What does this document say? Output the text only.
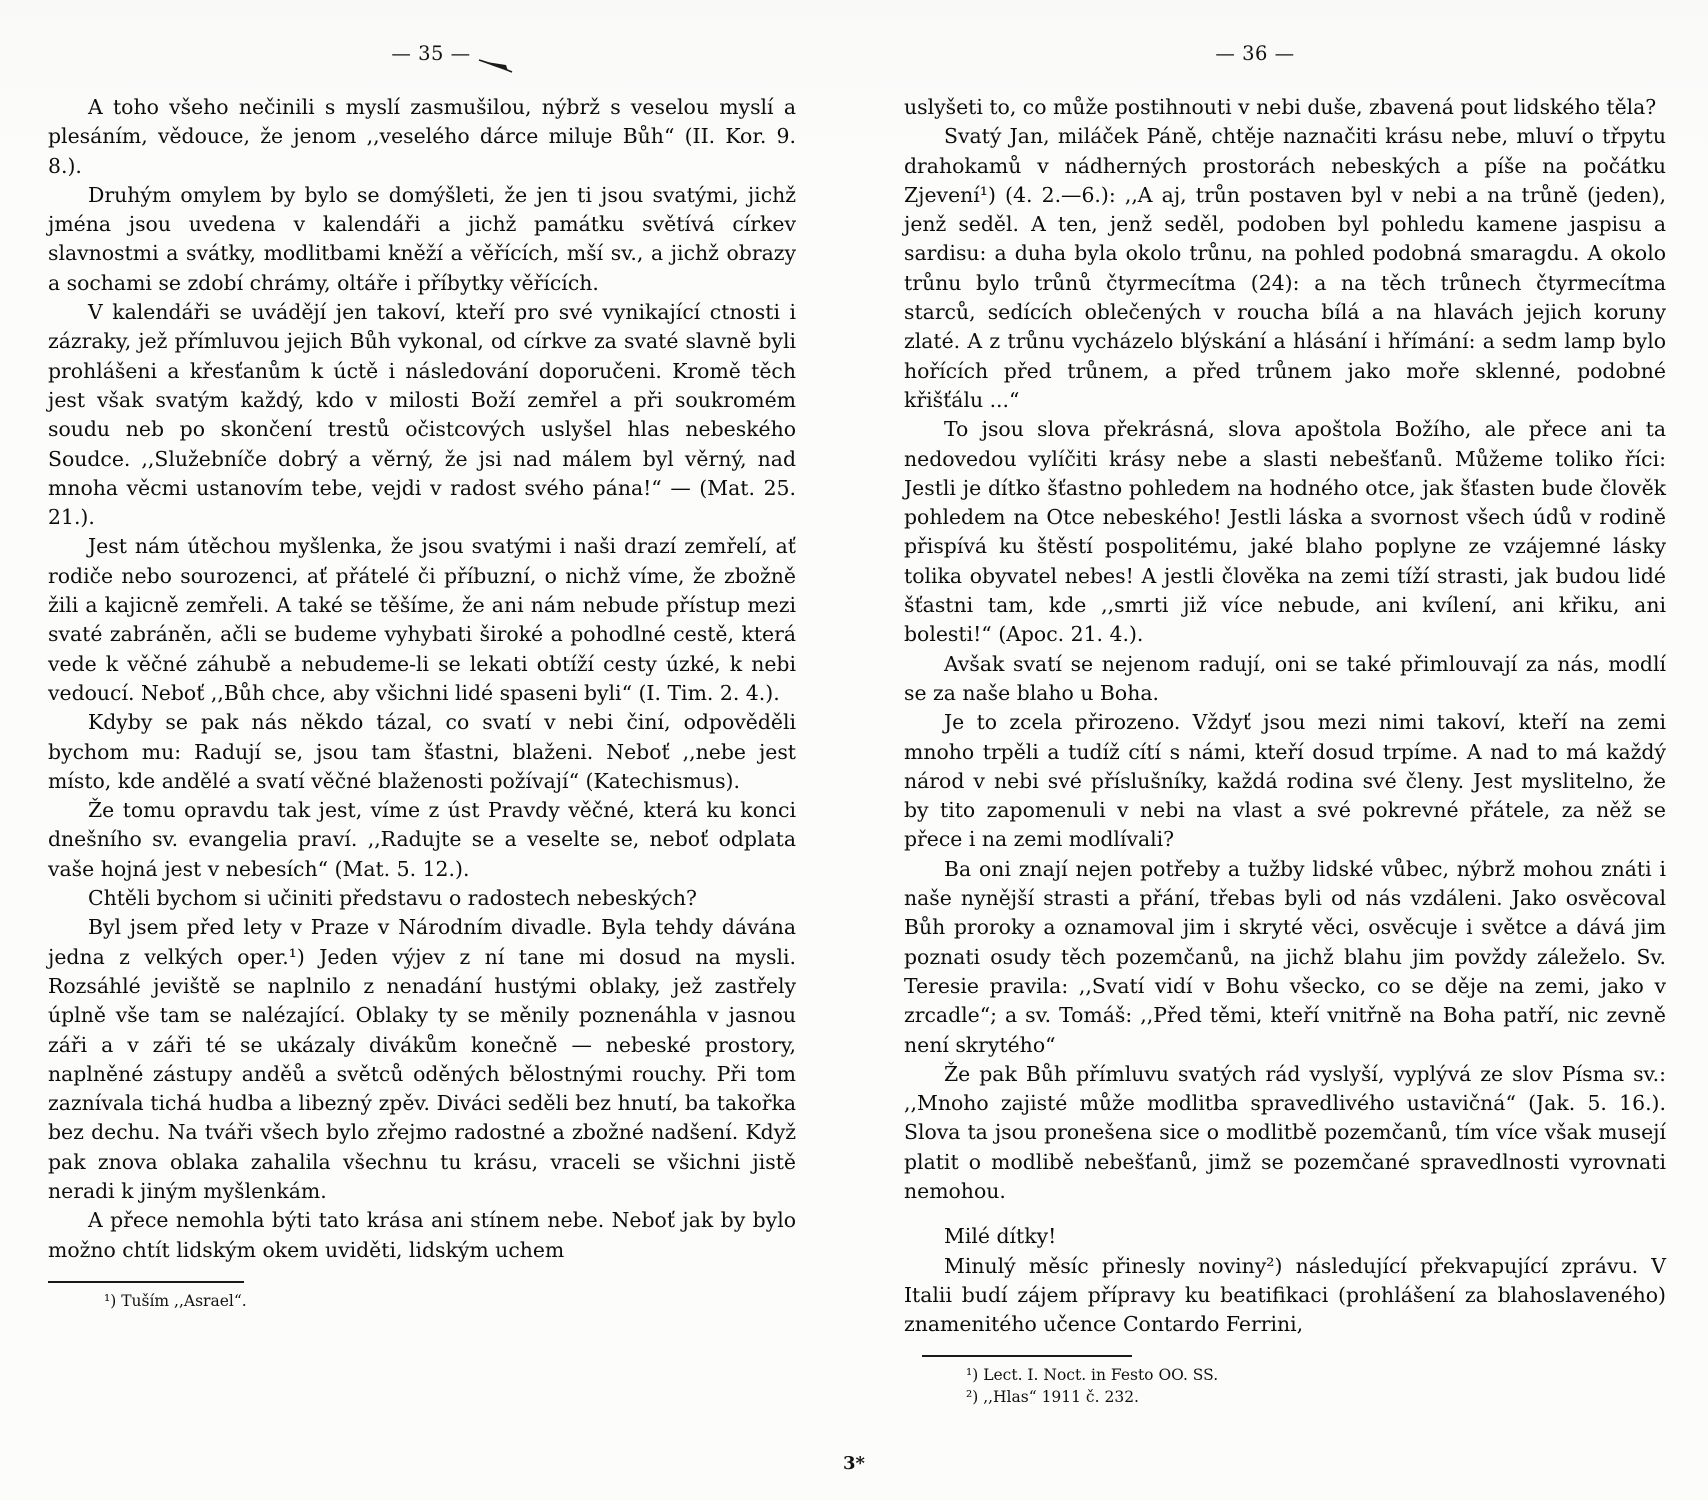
— 35 —

A toho všeho nečinili s myslí zasmušilou, nýbrž s veselou myslí a plesáním, vědouce, že jenom ,,veselého dárce miluje Bůh“ (II. Kor. 9. 8.).

Druhým omylem by bylo se domýšleti, že jen ti jsou svatými, jichž jména jsou uvedena v kalendáři a jichž památku světívá církev slavnostmi a svátky, modlitbami kněží a věřících, mší sv., a jichž obrazy a sochami se zdobí chrámy, oltáře i příbytky věřících.

V kalendáři se uvádějí jen takoví, kteří pro své vynikající ctnosti i zázraky, jež přímluvou jejich Bůh vykonal, od církve za svaté slavně byli prohlášeni a křesťanům k úctě i následování doporučeni. Kromě těch jest však svatým každý, kdo v milosti Boží zemřel a při soukromém soudu neb po skončení trestů očistcových uslyšel hlas nebeského Soudce. ,,Služebníče dobrý a věrný, že jsi nad málem byl věrný, nad mnoha věcmi ustanovím tebe, vejdi v radost svého pána!“ — (Mat. 25. 21.).

Jest nám útěchou myšlenka, že jsou svatými i naši drazí zemřelí, ať rodiče nebo sourozenci, ať přátelé či příbuzní, o nichž víme, že zbožně žili a kajicně zemřeli. A také se těšíme, že ani nám nebude přístup mezi svaté zabráněn, ačli se budeme vyhybati široké a pohodlné cestě, která vede k věčné záhubě a nebudeme-li se lekati obtíží cesty úzké, k nebi vedoucí. Neboť ,,Bůh chce, aby všichni lidé spaseni byli“ (I. Tim. 2. 4.).

Kdyby se pak nás někdo tázal, co svatí v nebi činí, odpověděli bychom mu: Radují se, jsou tam šťastni, blaženi. Neboť ,,nebe jest místo, kde andělé a svatí věčné blaženosti požívají“ (Katechismus).

Že tomu opravdu tak jest, víme z úst Pravdy věčné, která ku konci dnešního sv. evangelia praví. ,,Radujte se a veselte se, neboť odplata vaše hojná jest v nebesích“ (Mat. 5. 12.).

Chtěli bychom si učiniti představu o radostech nebeských?

Byl jsem před lety v Praze v Národním divadle. Byla tehdy dávána jedna z velkých oper.¹) Jeden výjev z ní tane mi dosud na mysli. Rozsáhlé jeviště se naplnilo z nenadání hustými oblaky, jež zastřely úplně vše tam se nalézající. Oblaky ty se měnily poznenáhla v jasnou záři a v záři té se ukázaly divákům konečně — nebeské prostory, naplněné zástupy anděů a světců oděných bělostnými rouchy. Při tom zaznívala tichá hudba a libezný zpěv. Diváci seděli bez hnutí, ba takořka bez dechu. Na tváři všech bylo zřejmo radostné a zbožné nadšení. Když pak znova oblaka zahalila všechnu tu krásu, vraceli se všichni jistě neradi k jiným myšlenkám.

A přece nemohla býti tato krása ani stínem nebe. Neboť jak by bylo možno chtít lidským okem uviděti, lidským uchem

¹) Tuším ,,Asrael“.
— 36 —

uslyšeti to, co může postihnouti v nebi duše, zbavená pout lidského těla?

Svatý Jan, miláček Páně, chtěje naznačiti krásu nebe, mluví o třpytu drahokamů v nádherných prostorách nebeských a píše na počátku Zjevení¹) (4. 2.—6.): ,,A aj, trůn postaven byl v nebi a na trůně (jeden), jenž seděl. A ten, jenž seděl, podoben byl pohledu kamene jaspisu a sardisu: a duha byla okolo trůnu, na pohled podobná smaragdu. A okolo trůnu bylo trůnů čtyrmecítma (24): a na těch trůnech čtyrmecítma starců, sedících oblečených v roucha bílá a na hlavách jejich koruny zlaté. A z trůnu vycházelo blýskání a hlásání i hřímání: a sedm lamp bylo hořících před trůnem, a před trůnem jako moře sklenné, podobné křišťálu ...“

To jsou slova překrásná, slova apoštola Božího, ale přece ani ta nedovedou vylíčiti krásy nebe a slasti nebešťanů. Můžeme toliko říci: Jestli je dítko šťastno pohledem na hodného otce, jak šťasten bude člověk pohledem na Otce nebeského! Jestli láska a svornost všech údů v rodině přispívá ku štěstí pospolitému, jaké blaho poplyne ze vzájemné lásky tolika obyvatel nebes! A jestli člověka na zemi tíží strasti, jak budou lidé šťastni tam, kde ,,smrti již více nebude, ani kvílení, ani křiku, ani bolesti!“ (Apoc. 21. 4.).

Avšak svatí se nejenom radují, oni se také přimlouvají za nás, modlí se za naše blaho u Boha.

Je to zcela přirozeno. Vždyť jsou mezi nimi takoví, kteří na zemi mnoho trpěli a tudíž cítí s námi, kteří dosud trpíme. A nad to má každý národ v nebi své příslušníky, každá rodina své členy. Jest myslitelno, že by tito zapomenuli v nebi na vlast a své pokrevné přátele, za něž se přece i na zemi modlívali?

Ba oni znají nejen potřeby a tužby lidské vůbec, nýbrž mohou znáti i naše nynější strasti a přání, třebas byli od nás vzdáleni. Jako osvěcoval Bůh proroky a oznamoval jim i skryté věci, osvěcuje i světce a dává jim poznati osudy těch pozemčanů, na jichž blahu jim povždy záleželo. Sv. Teresie pravila: ,,Svatí vidí v Bohu všecko, co se děje na zemi, jako v zrcadle“; a sv. Tomáš: ,,Před těmi, kteří vnitřně na Boha patří, nic zevně není skrytého“

Že pak Bůh přímluvu svatých rád vyslyší, vyplývá ze slov Písma sv.: ,,Mnoho zajisté může modlitba spravedlivého ustavičná“ (Jak. 5. 16.). Slova ta jsou pronešena sice o modlitbě pozemčanů, tím více však musejí platit o modlibě nebešťanů, jimž se pozemčané spravedlnosti vyrovnati nemohou.

Milé dítky!

Minulý měsíc přinesly noviny²) následující překvapující zprávu. V Italii budí zájem přípravy ku beatifikaci (prohlášení za blahoslaveného) znamenitého učence Contardo Ferrini,

¹) Lect. I. Noct. in Festo OO. SS.
²) ,,Hlas“ 1911 č. 232.
3*
